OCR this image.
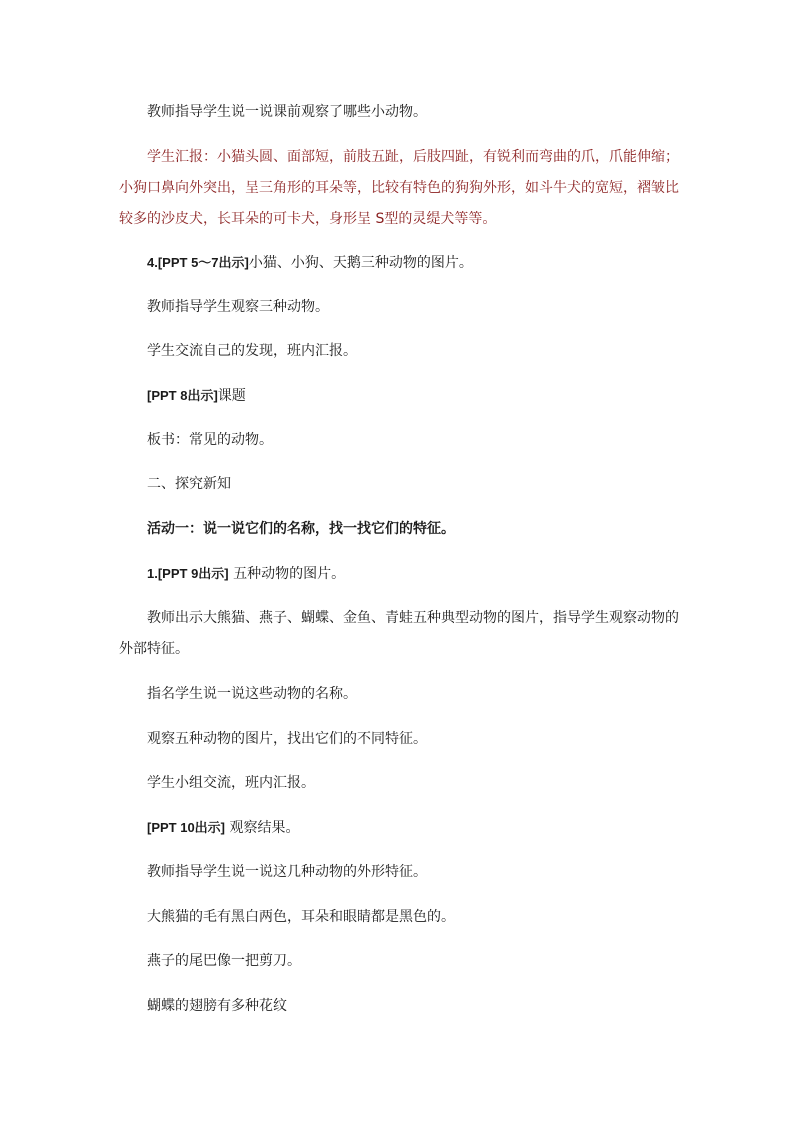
教师指导学生说一说课前观察了哪些小动物。

学生汇报：小猫头圆、面部短，前肢五趾，后肢四趾，有锐利而弯曲的爪，爪能伸缩；

小狗口鼻向外突出，呈三角形的耳朵等，比较有特色的狗狗外形，如斗牛犬的宽短，褶皱比

较多的沙皮犬，长耳朵的可卡犬，身形呈 S型的灵缇犬等等。

4.[PPT 5～7出示]小猫、小狗、天鹅三种动物的图片。

教师指导学生观察三种动物。

学生交流自己的发现，班内汇报。

[PPT 8出示]课题

板书：常见的动物。

二、探究新知

活动一：说一说它们的名称，找一找它们的特征。

1.[PPT 9出示] 五种动物的图片。

教师出示大熊猫、燕子、蝴蝶、金鱼、青蛙五种典型动物的图片，指导学生观察动物的

外部特征。

指名学生说一说这些动物的名称。

观察五种动物的图片，找出它们的不同特征。

学生小组交流，班内汇报。

[PPT 10出示] 观察结果。

教师指导学生说一说这几种动物的外形特征。

大熊猫的毛有黑白两色，耳朵和眼睛都是黑色的。

燕子的尾巴像一把剪刀。

蝴蝶的翅膀有多种花纹
